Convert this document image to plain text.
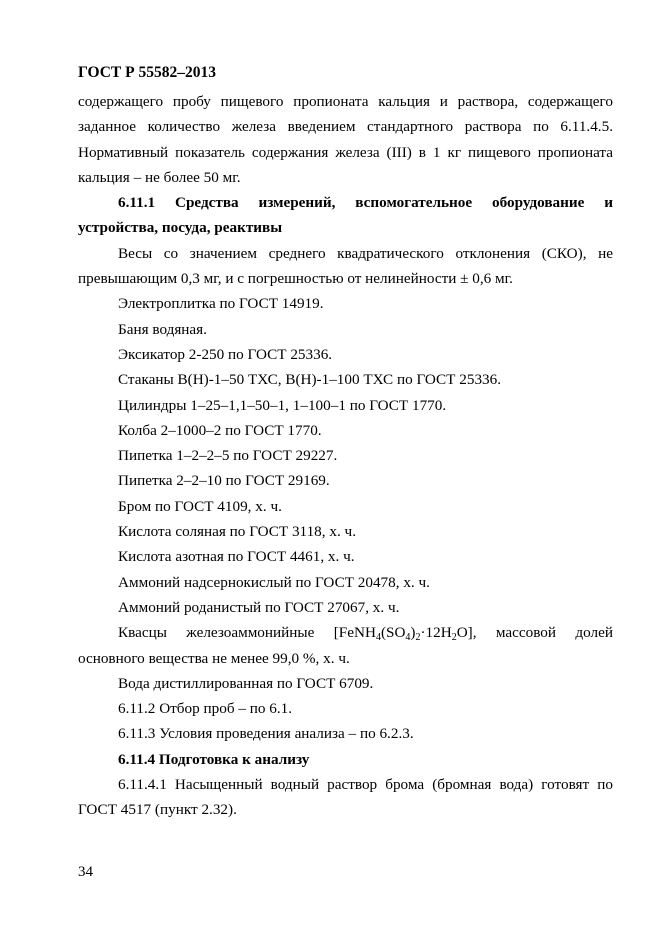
ГОСТ Р 55582–2013

содержащего пробу пищевого пропионата кальция и раствора, содержащего

заданное количество железа введением стандартного раствора по 6.11.4.5.

Нормативный показатель содержания железа (III) в 1 кг пищевого пропионата

кальция – не более 50 мг.

6.11.1 Средства измерений, вспомогательное оборудование и

устройства, посуда, реактивы

Весы со значением среднего квадратического отклонения (СКО), не

превышающим 0,3 мг, и с погрешностью от нелинейности ± 0,6 мг.

Электроплитка по ГОСТ 14919.

Баня водяная.

Эксикатор 2-250 по ГОСТ 25336.

Стаканы В(Н)-1–50 ТХС, В(Н)-1–100 ТХС по ГОСТ 25336.

Цилиндры 1–25–1,1–50–1, 1–100–1 по ГОСТ 1770.

Колба 2–1000–2 по ГОСТ 1770.

Пипетка 1–2–2–5 по ГОСТ 29227.

Пипетка 2–2–10 по ГОСТ 29169.

Бром по ГОСТ 4109, х. ч.

Кислота соляная по ГОСТ 3118, х. ч.

Кислота азотная по ГОСТ 4461, х. ч.

Аммоний надсернокислый по ГОСТ 20478, х. ч.

Аммоний роданистый по ГОСТ 27067, х. ч.

Квасцы железоаммонийные $[FeNH_4(SO_4)_2\cdot 12H_2O]$, массовой долей

основного вещества не менее 99,0 %, х. ч.

Вода дистиллированная по ГОСТ 6709.

6.11.2 Отбор проб – по 6.1.

6.11.3 Условия проведения анализа – по 6.2.3.

6.11.4 Подготовка к анализу

6.11.4.1 Насыщенный водный раствор брома (бромная вода) готовят по

ГОСТ 4517 (пункт 2.32).

34
